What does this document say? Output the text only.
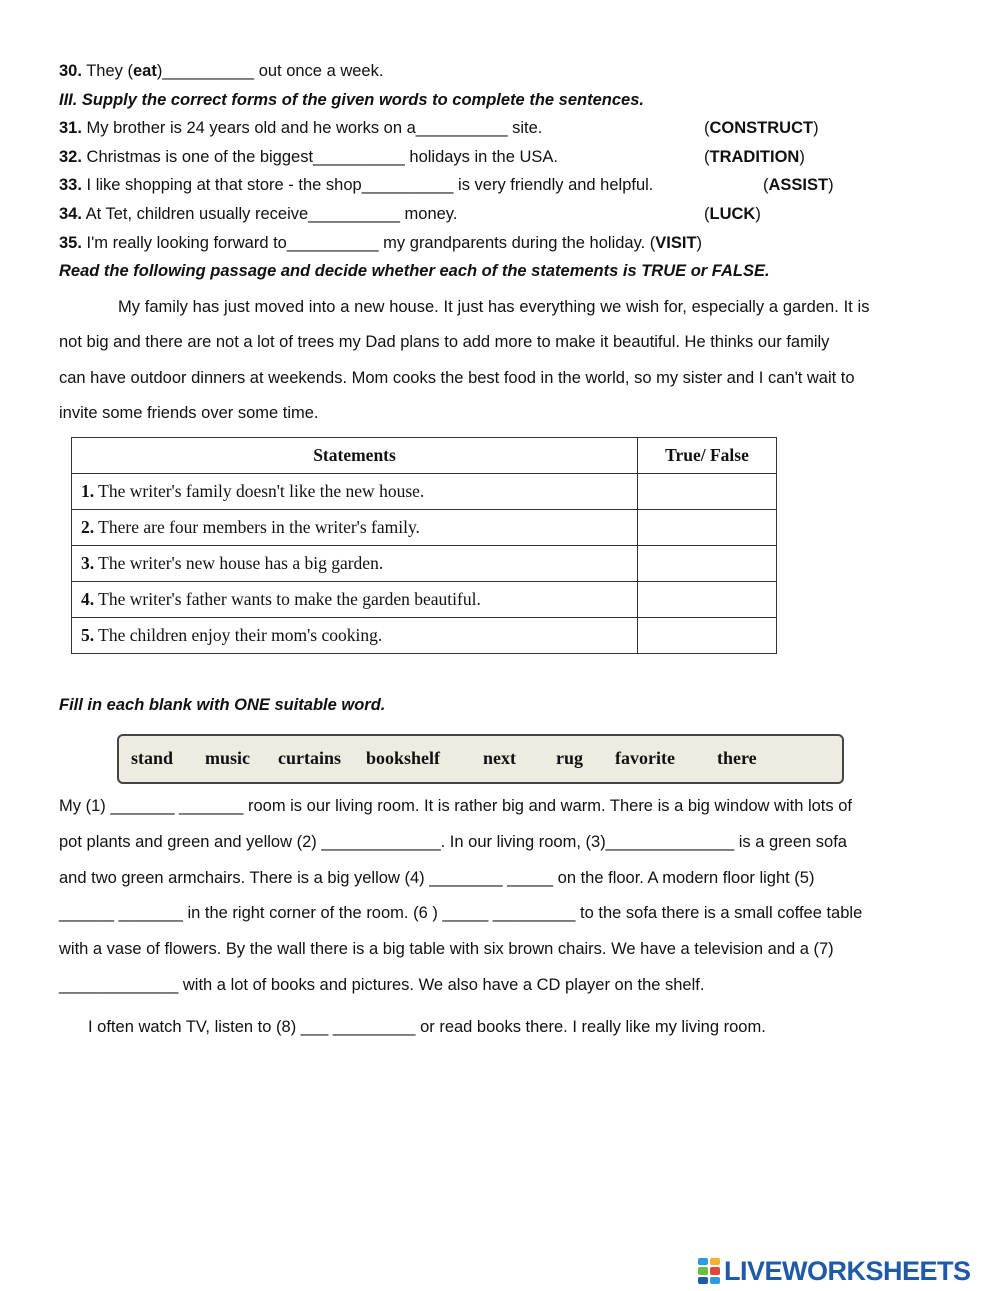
30. They (eat)__________ out once a week.
III. Supply the correct forms of the given words to complete the sentences.
31. My brother is 24 years old and he works on a__________ site.	(CONSTRUCT)
32. Christmas is one of the biggest__________ holidays in the USA.	(TRADITION)
33. I like shopping at that store - the shop__________ is very friendly and helpful.	(ASSIST)
34. At Tet, children usually receive__________ money.	(LUCK)
35. I'm really looking forward to__________ my grandparents during the holiday. (VISIT)
Read the following passage and decide whether each of the statements is TRUE or FALSE.
My family has just moved into a new house. It just has everything we wish for, especially a garden. It is
not big and there are not a lot of trees my Dad plans to add more to make it beautiful. He thinks our family
can have outdoor dinners at weekends. Mom cooks the best food in the world, so my sister and I can't wait to
invite some friends over some time.
Statements	True/ False
1. The writer's family doesn't like the new house.	
2. There are four members in the writer's family.	
3. The writer's new house has a big garden.	
4. The writer's father wants to make the garden beautiful.	
5. The children enjoy their mom's cooking.	
Fill in each blank with ONE suitable word.
stand music curtains bookshelf next rug favorite there
My (1) _______ _______ room is our living room. It is rather big and warm. There is a big window with lots of
pot plants and green and yellow (2) _____________. In our living room, (3)______________ is a green sofa
and two green armchairs. There is a big yellow (4) ________ _____ on the floor. A modern floor light (5)
______ _______ in the right corner of the room. (6 ) _____ _________ to the sofa there is a small coffee table
with a vase of flowers. By the wall there is a big table with six brown chairs. We have a television and a (7)
_____________ with a lot of books and pictures. We also have a CD player on the shelf.
I often watch TV, listen to (8) ___ _________ or read books there. I really like my living room.
LIVEWORKSHEETS
